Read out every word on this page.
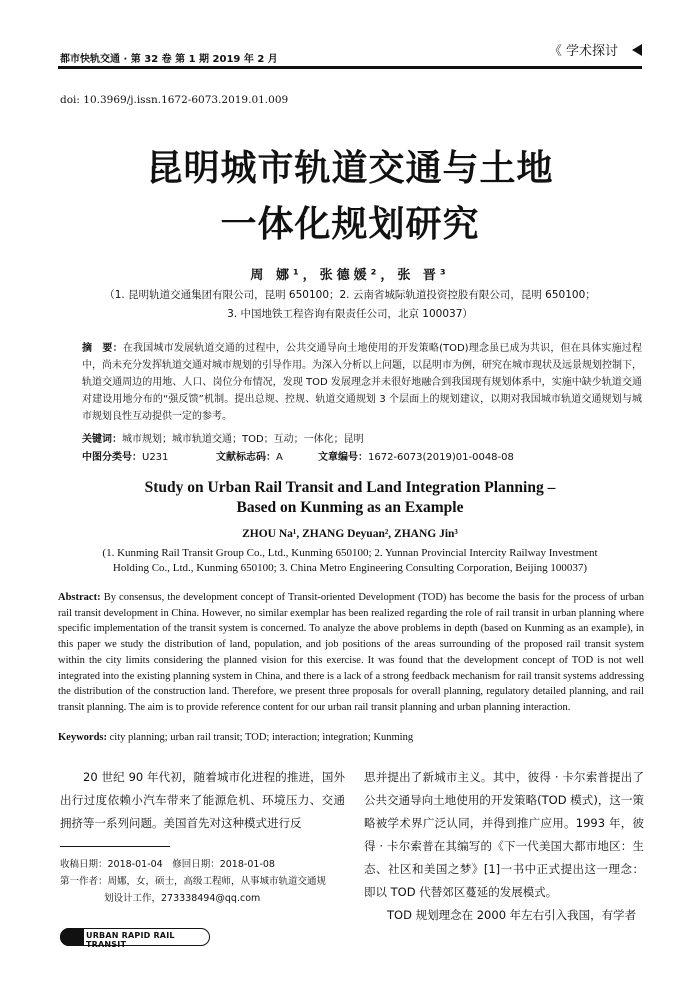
都市快轨交通 · 第 32 卷 第 1 期 2019 年 2 月
《 学术探讨
doi: 10.3969/j.issn.1672-6073.2019.01.009
昆明城市轨道交通与土地
一体化规划研究
周 娜¹，张德媛²，张 晋³
（1. 昆明轨道交通集团有限公司，昆明 650100；2. 云南省城际轨道投资控股有限公司，昆明 650100；
3. 中国地铁工程咨询有限责任公司，北京 100037）
摘　要：在我国城市发展轨道交通的过程中，公共交通导向土地使用的开发策略(TOD)理念虽已成为共识，但在具体实施过程中，尚未充分发挥轨道交通对城市规划的引导作用。为深入分析以上问题，以昆明市为例，研究在城市现状及远景规划控制下，轨道交通周边的用地、人口、岗位分布情况，发现 TOD 发展理念并未很好地融合到我国现有规划体系中，实施中缺少轨道交通对建设用地分布的“强反馈”机制。提出总规、控规、轨道交通规划 3 个层面上的规划建议，以期对我国城市轨道交通规划与城市规划良性互动提供一定的参考。
关键词：城市规划；城市轨道交通；TOD；互动；一体化；昆明
中图分类号：U231	文献标志码：A	文章编号：1672-6073(2019)01-0048-08
Study on Urban Rail Transit and Land Integration Planning –
Based on Kunming as an Example
ZHOU Na¹, ZHANG Deyuan², ZHANG Jin³
(1. Kunming Rail Transit Group Co., Ltd., Kunming 650100; 2. Yunnan Provincial Intercity Railway Investment
Holding Co., Ltd., Kunming 650100; 3. China Metro Engineering Consulting Corporation, Beijing 100037)
Abstract: By consensus, the development concept of Transit-oriented Development (TOD) has become the basis for the process of urban rail transit development in China. However, no similar exemplar has been realized regarding the role of rail transit in urban planning where specific implementation of the transit system is concerned. To analyze the above problems in depth (based on Kunming as an example), in this paper we study the distribution of land, population, and job positions of the areas surrounding of the proposed rail transit system within the city limits considering the planned vision for this exercise. It was found that the development concept of TOD is not well integrated into the existing planning system in China, and there is a lack of a strong feedback mechanism for rail transit systems addressing the distribution of the construction land. Therefore, we present three proposals for overall planning, regulatory detailed planning, and rail transit planning. The aim is to provide reference content for our urban rail transit planning and urban planning interaction.
Keywords: city planning; urban rail transit; TOD; interaction; integration; Kunming
20 世纪 90 年代初，随着城市化进程的推进，国外出行过度依赖小汽车带来了能源危机、环境压力、交通拥挤等一系列问题。美国首先对这种模式进行反
思并提出了新城市主义。其中，彼得 · 卡尔索普提出了公共交通导向土地使用的开发策略(TOD 模式)，这一策略被学术界广泛认同，并得到推广应用。1993 年，彼得 · 卡尔索普在其编写的《下一代美国大都市地区：生态、社区和美国之梦》[1]一书中正式提出这一理念：即以 TOD 代替郊区蔓延的发展模式。
TOD 规划理念在 2000 年左右引入我国，有学者
收稿日期：2018-01-04　修回日期：2018-01-08
第一作者：周娜，女，硕士，高级工程师，从事城市轨道交通规
划设计工作，273338494@qq.com
URBAN RAPID RAIL TRANSIT
